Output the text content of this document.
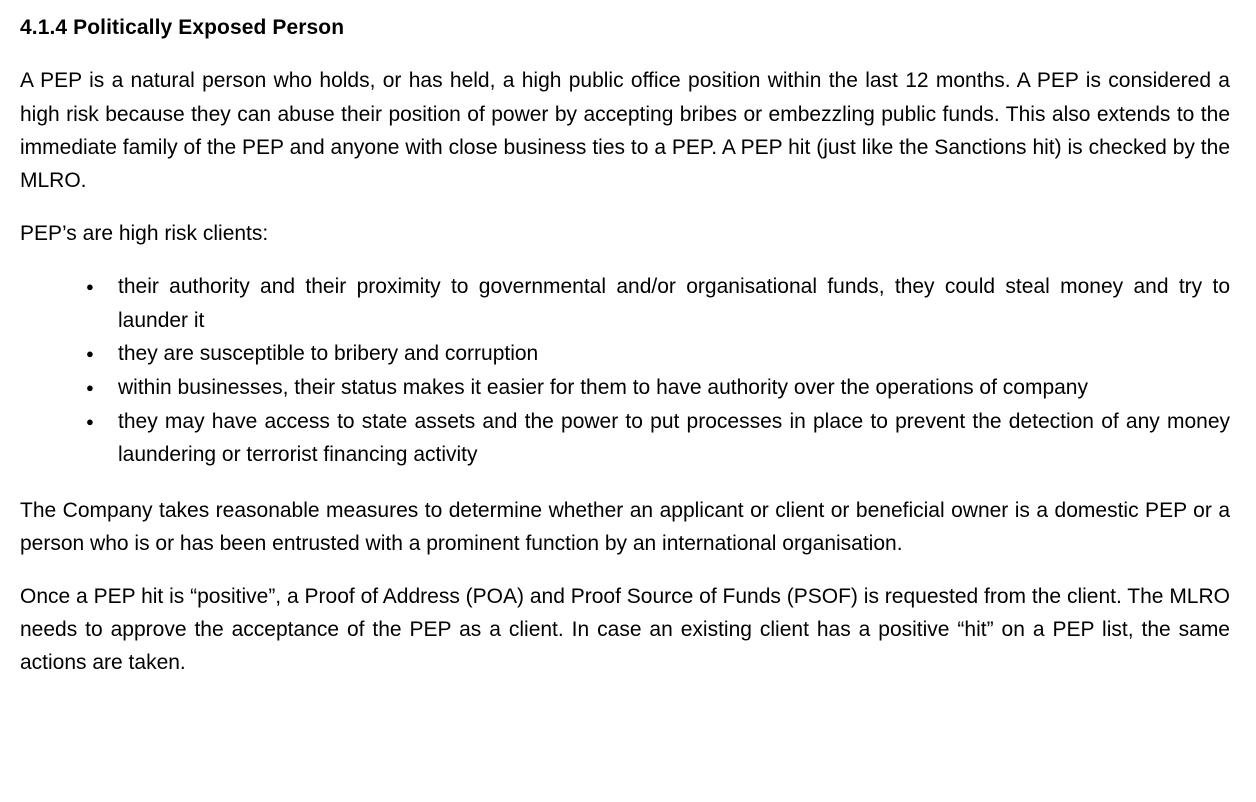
4.1.4 Politically Exposed Person

A PEP is a natural person who holds, or has held, a high public office position within the last 12 months. A PEP is considered a high risk because they can abuse their position of power by accepting bribes or embezzling public funds. This also extends to the immediate family of the PEP and anyone with close business ties to a PEP. A PEP hit (just like the Sanctions hit) is checked by the MLRO.

PEP’s are high risk clients:

● their authority and their proximity to governmental and/or organisational funds, they could steal money and try to launder it
● they are susceptible to bribery and corruption
● within businesses, their status makes it easier for them to have authority over the operations of company
● they may have access to state assets and the power to put processes in place to prevent the detection of any money laundering or terrorist financing activity

The Company takes reasonable measures to determine whether an applicant or client or beneficial owner is a domestic PEP or a person who is or has been entrusted with a prominent function by an international organisation.

Once a PEP hit is “positive”, a Proof of Address (POA) and Proof Source of Funds (PSOF) is requested from the client. The MLRO needs to approve the acceptance of the PEP as a client. In case an existing client has a positive “hit” on a PEP list, the same actions are taken.
